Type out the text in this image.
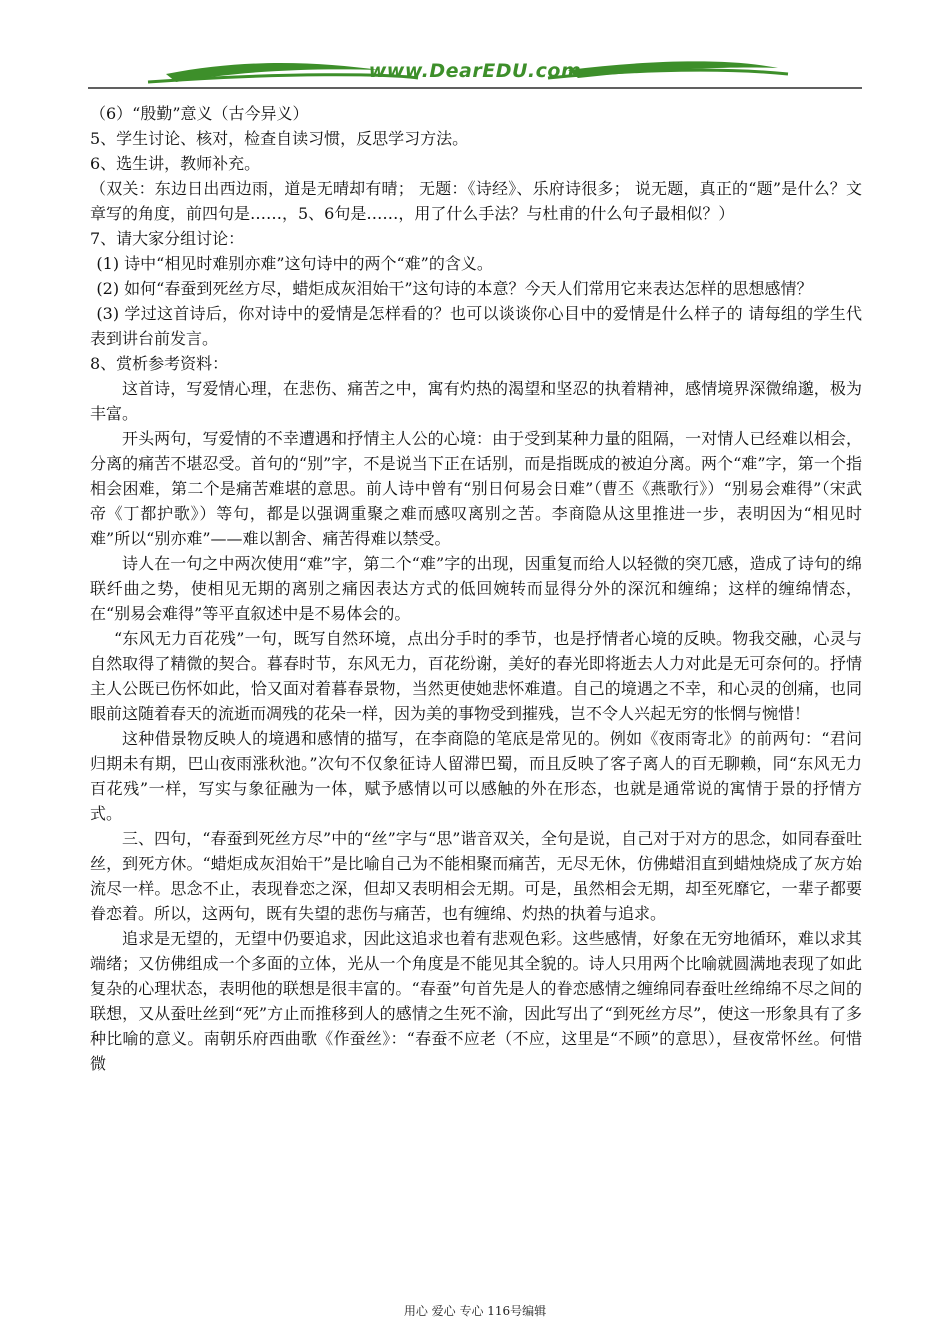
www.DearEDU.com

（6）“殷勤”意义（古今异义）

5、学生讨论、核对，检查自读习惯，反思学习方法。

6、选生讲，教师补充。

（双关：东边日出西边雨，道是无晴却有晴； 无题：《诗经》、乐府诗很多； 说无题，真正的“题”是什么？文章写的角度，前四句是……，5、6句是……，用了什么手法？与杜甫的什么句子最相似？）

7、请大家分组讨论：

(1) 诗中“相见时难别亦难”这句诗中的两个“难”的含义。

(2) 如何“春蚕到死丝方尽，蜡炬成灰泪始干”这句诗的本意？今天人们常用它来表达怎样的思想感情？

(3) 学过这首诗后，你对诗中的爱情是怎样看的？也可以谈谈你心目中的爱情是什么样子的 请每组的学生代表到讲台前发言。

8、赏析参考资料：

这首诗，写爱情心理，在悲伤、痛苦之中，寓有灼热的渴望和坚忍的执着精神，感情境界深微绵邈，极为丰富。

开头两句，写爱情的不幸遭遇和抒情主人公的心境：由于受到某种力量的阻隔，一对情人已经难以相会，分离的痛苦不堪忍受。首句的“别”字，不是说当下正在话别，而是指既成的被迫分离。两个“难”字，第一个指相会困难，第二个是痛苦难堪的意思。前人诗中曾有“别日何易会日难”（曹丕《燕歌行》）“别易会难得”（宋武帝《丁都护歌》）等句，都是以强调重聚之难而感叹离别之苦。李商隐从这里推进一步，表明因为“相见时难”所以“别亦难”——难以割舍、痛苦得难以禁受。

诗人在一句之中两次使用“难”字，第二个“难”字的出现，因重复而给人以轻微的突兀感，造成了诗句的绵联纤曲之势，使相见无期的离别之痛因表达方式的低回婉转而显得分外的深沉和缠绵；这样的缠绵情态，在“别易会难得”等平直叙述中是不易体会的。

“东风无力百花残”一句，既写自然环境，点出分手时的季节，也是抒情者心境的反映。物我交融，心灵与自然取得了精微的契合。暮春时节，东风无力，百花纷谢，美好的春光即将逝去人力对此是无可奈何的。抒情主人公既已伤怀如此，恰又面对着暮春景物，当然更使她悲怀难遣。自己的境遇之不幸，和心灵的创痛，也同眼前这随着春天的流逝而凋残的花朵一样，因为美的事物受到摧残，岂不令人兴起无穷的怅惘与惋惜！

这种借景物反映人的境遇和感情的描写，在李商隐的笔底是常见的。例如《夜雨寄北》的前两句：“君问归期未有期，巴山夜雨涨秋池。”次句不仅象征诗人留滞巴蜀，而且反映了客子离人的百无聊赖，同“东风无力百花残”一样，写实与象征融为一体，赋予感情以可以感触的外在形态，也就是通常说的寓情于景的抒情方式。

三、四句，“春蚕到死丝方尽”中的“丝”字与“思”谐音双关，全句是说，自己对于对方的思念，如同春蚕吐丝，到死方休。“蜡炬成灰泪始干”是比喻自己为不能相聚而痛苦，无尽无休，仿佛蜡泪直到蜡烛烧成了灰方始流尽一样。思念不止，表现眷恋之深，但却又表明相会无期。可是，虽然相会无期，却至死靡它，一辈子都要眷恋着。所以，这两句，既有失望的悲伤与痛苦，也有缠绵、灼热的执着与追求。

追求是无望的，无望中仍要追求，因此这追求也着有悲观色彩。这些感情，好象在无穷地循环，难以求其端绪；又仿佛组成一个多面的立体，光从一个角度是不能见其全貌的。诗人只用两个比喻就圆满地表现了如此复杂的心理状态，表明他的联想是很丰富的。“春蚕”句首先是人的眷恋感情之缠绵同春蚕吐丝绵绵不尽之间的联想，又从蚕吐丝到“死”方止而推移到人的感情之生死不渝，因此写出了“到死丝方尽”，使这一形象具有了多种比喻的意义。南朝乐府西曲歌《作蚕丝》：“春蚕不应老（不应，这里是“不顾”的意思），昼夜常怀丝。何惜微

用心 爱心 专心 116号编辑
